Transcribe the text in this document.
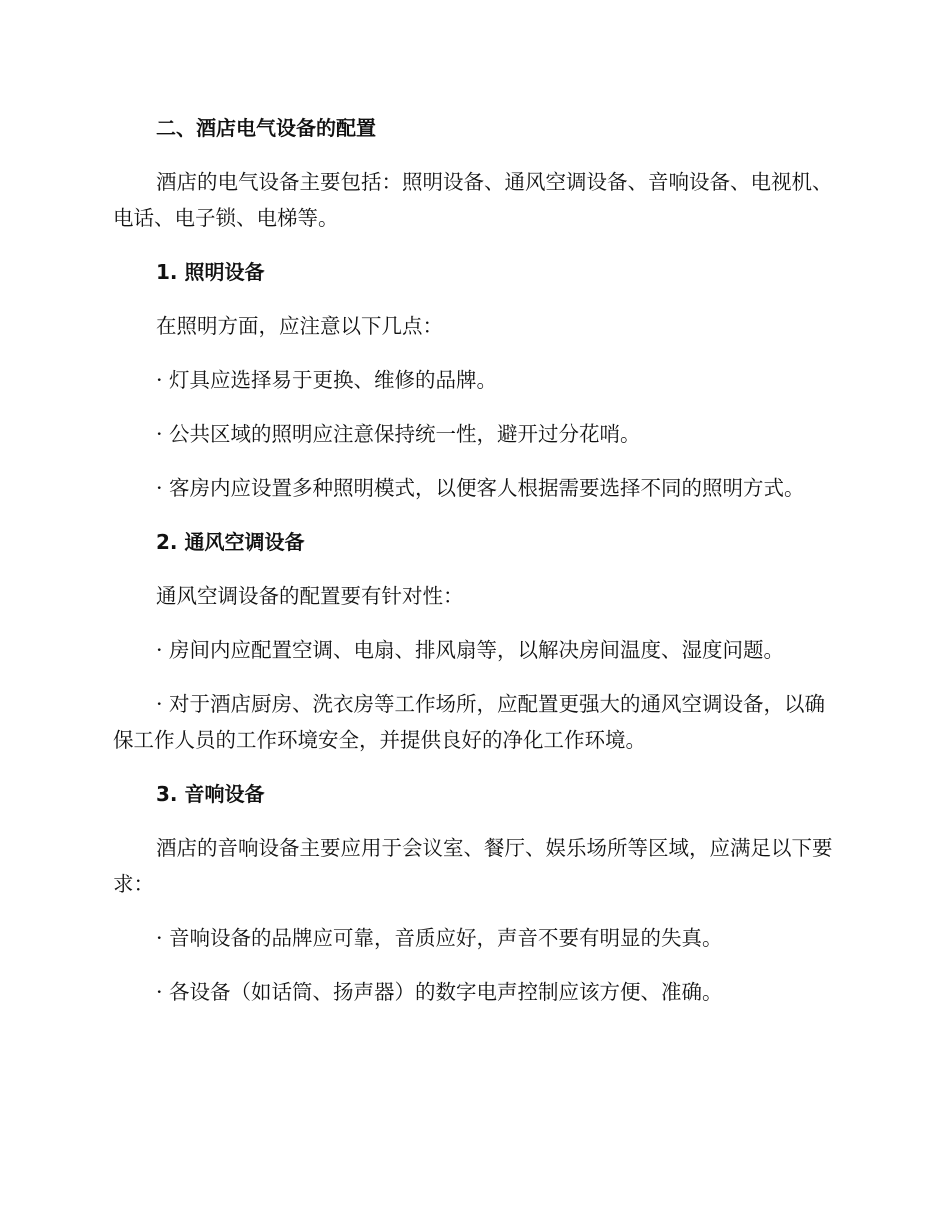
二、酒店电气设备的配置

酒店的电气设备主要包括：照明设备、通风空调设备、音响设备、电视机、电话、电子锁、电梯等。

1. 照明设备

在照明方面，应注意以下几点：

· 灯具应选择易于更换、维修的品牌。

· 公共区域的照明应注意保持统一性，避开过分花哨。

· 客房内应设置多种照明模式，以便客人根据需要选择不同的照明方式。

2. 通风空调设备

通风空调设备的配置要有针对性：

· 房间内应配置空调、电扇、排风扇等，以解决房间温度、湿度问题。

· 对于酒店厨房、洗衣房等工作场所，应配置更强大的通风空调设备，以确保工作人员的工作环境安全，并提供良好的净化工作环境。

3. 音响设备

酒店的音响设备主要应用于会议室、餐厅、娱乐场所等区域，应满足以下要求：

· 音响设备的品牌应可靠，音质应好，声音不要有明显的失真。

· 各设备（如话筒、扬声器）的数字电声控制应该方便、准确。
